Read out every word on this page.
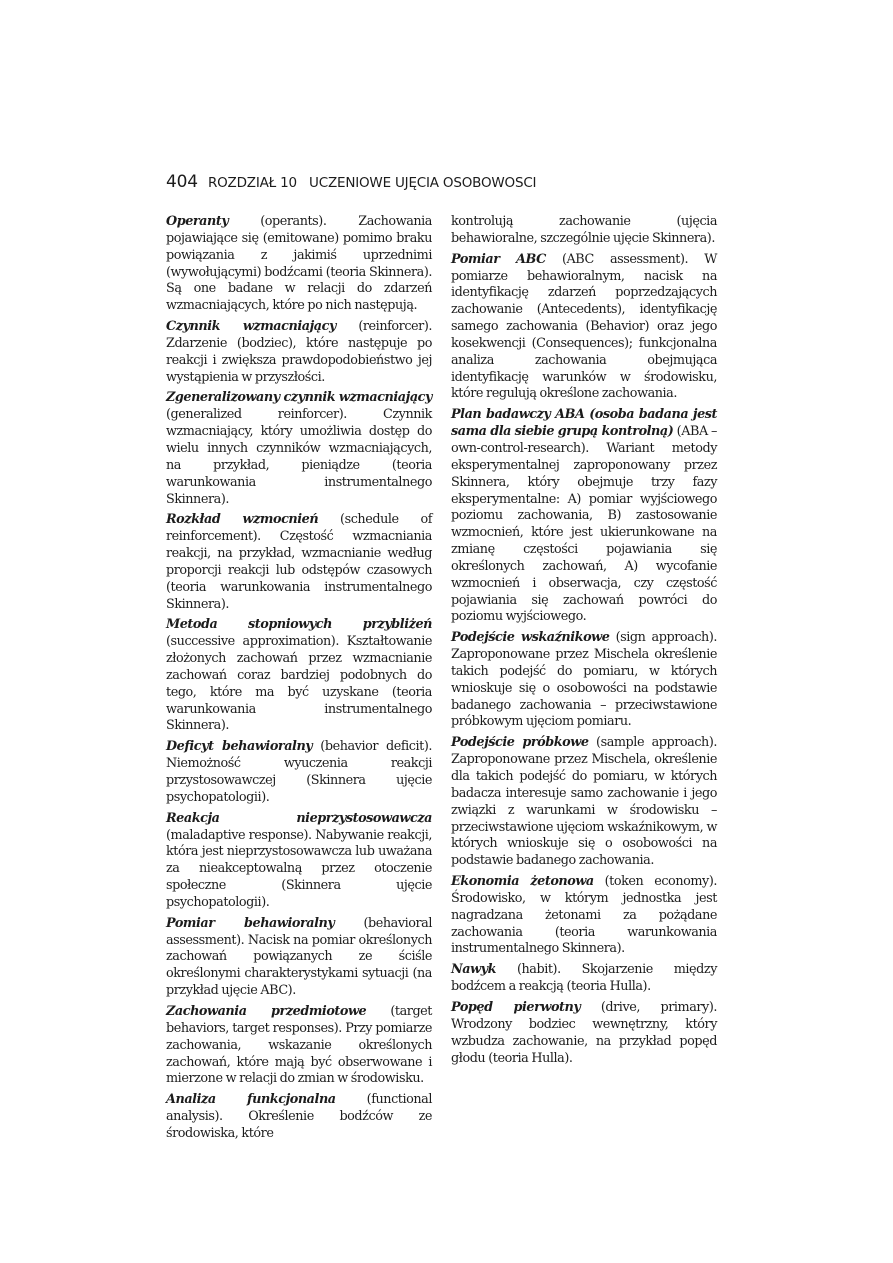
404 ROZDZIAŁ 10 UCZENIOWE UJĘCIA OSOBOWOSCI

Operanty (operants). Zachowania pojawiające się (emitowane) pomimo braku powiązania z jakimiś uprzednimi (wywołującymi) bodźcami (teoria Skinnera). Są one badane w relacji do zdarzeń wzmacniających, które po nich następują.

Czynnik wzmacniający (reinforcer). Zdarzenie (bodziec), które następuje po reakcji i zwiększa prawdopodobieństwo jej wystąpienia w przyszłości.

Zgeneralizowany czynnik wzmacniający (generalized reinforcer). Czynnik wzmacniający, który umożliwia dostęp do wielu innych czynników wzmacniających, na przykład, pieniądze (teoria warunkowania instrumentalnego Skinnera).

Rozkład wzmocnień (schedule of reinforcement). Częstość wzmacniania reakcji, na przykład, wzmacnianie według proporcji reakcji lub odstępów czasowych (teoria warunkowania instrumentalnego Skinnera).

Metoda stopniowych przybliżeń (successive approximation). Kształtowanie złożonych zachowań przez wzmacnianie zachowań coraz bardziej podobnych do tego, które ma być uzyskane (teoria warunkowania instrumentalnego Skinnera).

Deficyt behawioralny (behavior deficit). Niemożność wyuczenia reakcji przystosowawczej (Skinnera ujęcie psychopatologii).

Reakcja nieprzystosowawcza (maladaptive response). Nabywanie reakcji, która jest nieprzystosowawcza lub uważana za nieakceptowalną przez otoczenie społeczne (Skinnera ujęcie psychopatologii).

Pomiar behawioralny (behavioral assessment). Nacisk na pomiar określonych zachowań powiązanych ze ściśle określonymi charakterystykami sytuacji (na przykład ujęcie ABC).

Zachowania przedmiotowe (target behaviors, target responses). Przy pomiarze zachowania, wskazanie określonych zachowań, które mają być obserwowane i mierzone w relacji do zmian w środowisku.

Analiza funkcjonalna (functional analysis). Określenie bodźców ze środowiska, które

kontrolują zachowanie (ujęcia behawioralne, szczególnie ujęcie Skinnera).

Pomiar ABC (ABC assessment). W pomiarze behawioralnym, nacisk na identyfikację zdarzeń poprzedzających zachowanie (Antecedents), identyfikację samego zachowania (Behavior) oraz jego kosekwencji (Consequences); funkcjonalna analiza zachowania obejmująca identyfikację warunków w środowisku, które regulują określone zachowania.

Plan badawczy ABA (osoba badana jest sama dla siebie grupą kontrolną) (ABA – own-control-research). Wariant metody eksperymentalnej zaproponowany przez Skinnera, który obejmuje trzy fazy eksperymentalne: A) pomiar wyjściowego poziomu zachowania, B) zastosowanie wzmocnień, które jest ukierunkowane na zmianę częstości pojawiania się określonych zachowań, A) wycofanie wzmocnień i obserwacja, czy częstość pojawiania się zachowań powróci do poziomu wyjściowego.

Podejście wskaźnikowe (sign approach). Zaproponowane przez Mischela określenie takich podejść do pomiaru, w których wnioskuje się o osobowości na podstawie badanego zachowania – przeciwstawione próbkowym ujęciom pomiaru.

Podejście próbkowe (sample approach). Zaproponowane przez Mischela, określenie dla takich podejść do pomiaru, w których badacza interesuje samo zachowanie i jego związki z warunkami w środowisku – przeciwstawione ujęciom wskaźnikowym, w których wnioskuje się o osobowości na podstawie badanego zachowania.

Ekonomia żetonowa (token economy). Środowisko, w którym jednostka jest nagradzana żetonami za pożądane zachowania (teoria warunkowania instrumentalnego Skinnera).

Nawyk (habit). Skojarzenie między bodźcem a reakcją (teoria Hulla).

Popęd pierwotny (drive, primary). Wrodzony bodziec wewnętrzny, który wzbudza zachowanie, na przykład popęd głodu (teoria Hulla).
